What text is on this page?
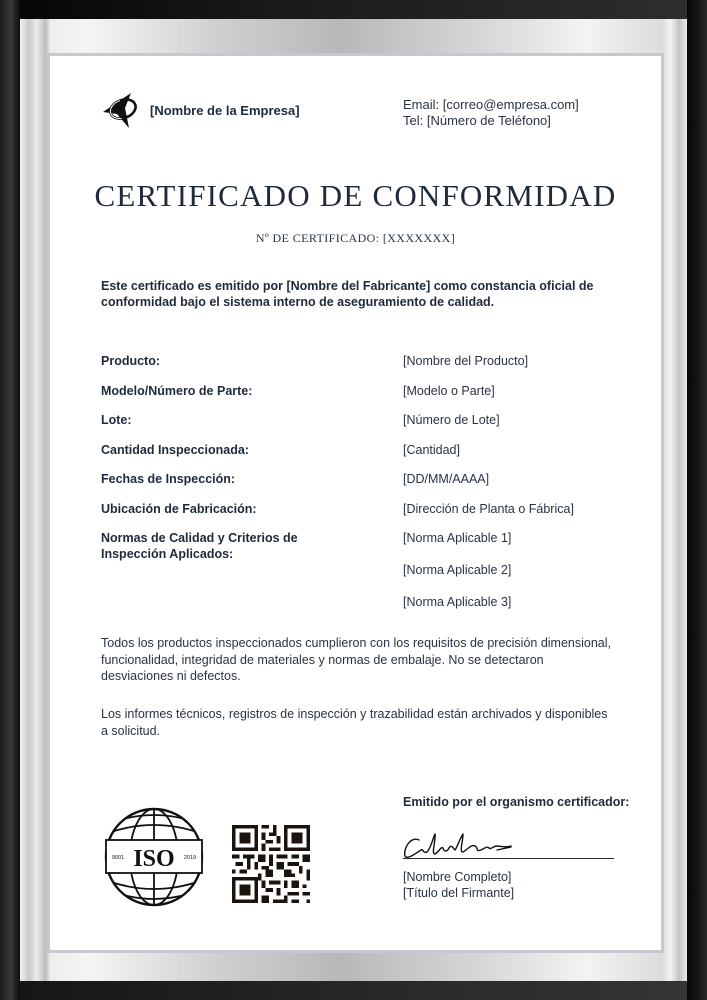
[Nombre de la Empresa]	Email: [correo@empresa.com]
Tel: [Número de Teléfono]
CERTIFICADO DE CONFORMIDAD
Nº DE CERTIFICADO: [XXXXXXX]
Este certificado es emitido por [Nombre del Fabricante] como constancia oficial de conformidad bajo el sistema interno de aseguramiento de calidad.
Producto:	[Nombre del Producto]
Modelo/Número de Parte:	[Modelo o Parte]
Lote:	[Número de Lote]
Cantidad Inspeccionada:	[Cantidad]
Fechas de Inspección:	[DD/MM/AAAA]
Ubicación de Fabricación:	[Dirección de Planta o Fábrica]
Normas de Calidad y Criterios de
Inspección Aplicados:
[Norma Aplicable 1]
[Norma Aplicable 2]
[Norma Aplicable 3]
Todos los productos inspeccionados cumplieron con los requisitos de precisión dimensional, funcionalidad, integridad de materiales y normas de embalaje. No se detectaron desviaciones ni defectos.
Los informes técnicos, registros de inspección y trazabilidad están archivados y disponibles a solicitud.
ISO
9001	2019
Emitido por el organismo certificador:
[Nombre Completo]
[Título del Firmante]
